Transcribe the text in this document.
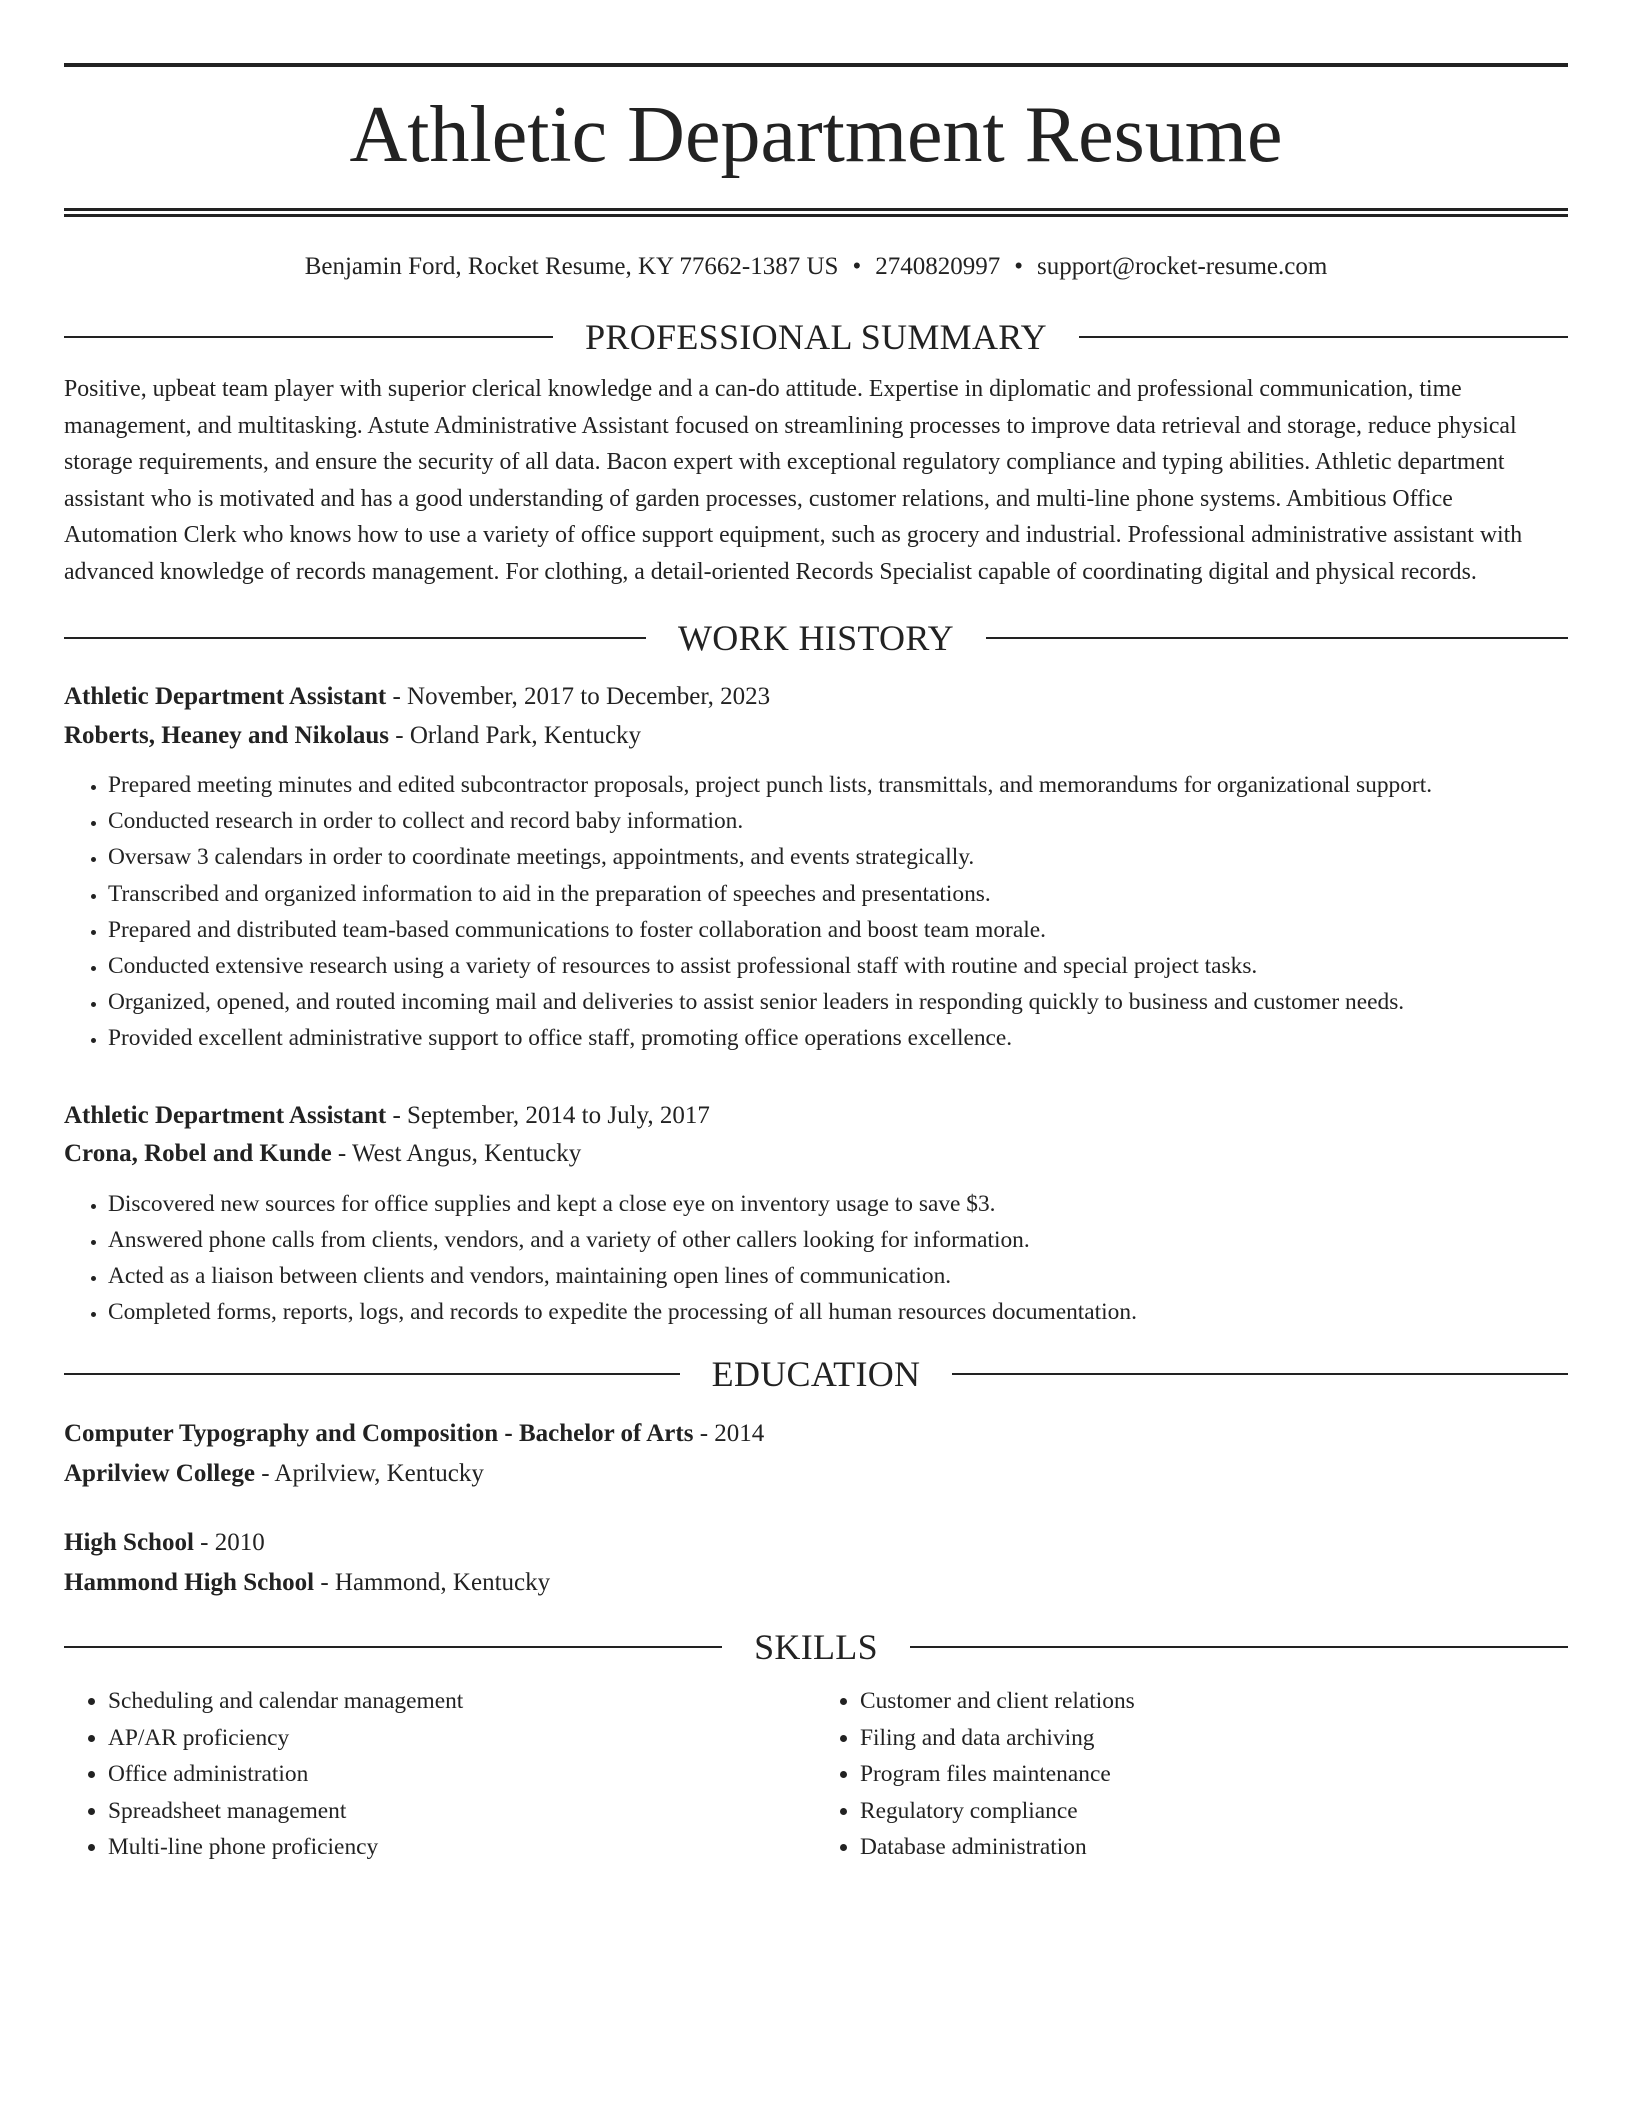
Athletic Department Resume
Benjamin Ford, Rocket Resume, KY 77662-1387 US • 2740820997 • support@rocket-resume.com
PROFESSIONAL SUMMARY

Positive, upbeat team player with superior clerical knowledge and a can-do attitude. Expertise in diplomatic and professional communication, time management, and multitasking. Astute Administrative Assistant focused on streamlining processes to improve data retrieval and storage, reduce physical storage requirements, and ensure the security of all data. Bacon expert with exceptional regulatory compliance and typing abilities. Athletic department assistant who is motivated and has a good understanding of garden processes, customer relations, and multi-line phone systems. Ambitious Office Automation Clerk who knows how to use a variety of office support equipment, such as grocery and industrial. Professional administrative assistant with advanced knowledge of records management. For clothing, a detail-oriented Records Specialist capable of coordinating digital and physical records.

WORK HISTORY
Athletic Department Assistant - November, 2017 to December, 2023
Roberts, Heaney and Nikolaus - Orland Park, Kentucky
• Prepared meeting minutes and edited subcontractor proposals, project punch lists, transmittals, and memorandums for organizational support.
• Conducted research in order to collect and record baby information.
• Oversaw 3 calendars in order to coordinate meetings, appointments, and events strategically.
• Transcribed and organized information to aid in the preparation of speeches and presentations.
• Prepared and distributed team-based communications to foster collaboration and boost team morale.
• Conducted extensive research using a variety of resources to assist professional staff with routine and special project tasks.
• Organized, opened, and routed incoming mail and deliveries to assist senior leaders in responding quickly to business and customer needs.
• Provided excellent administrative support to office staff, promoting office operations excellence.
Athletic Department Assistant - September, 2014 to July, 2017
Crona, Robel and Kunde - West Angus, Kentucky
• Discovered new sources for office supplies and kept a close eye on inventory usage to save $3.
• Answered phone calls from clients, vendors, and a variety of other callers looking for information.
• Acted as a liaison between clients and vendors, maintaining open lines of communication.
• Completed forms, reports, logs, and records to expedite the processing of all human resources documentation.
EDUCATION
Computer Typography and Composition - Bachelor of Arts - 2014
Aprilview College - Aprilview, Kentucky
High School - 2010
Hammond High School - Hammond, Kentucky
SKILLS
• Scheduling and calendar management
• AP/AR proficiency
• Office administration
• Spreadsheet management
• Multi-line phone proficiency
• Customer and client relations
• Filing and data archiving
• Program files maintenance
• Regulatory compliance
• Database administration
